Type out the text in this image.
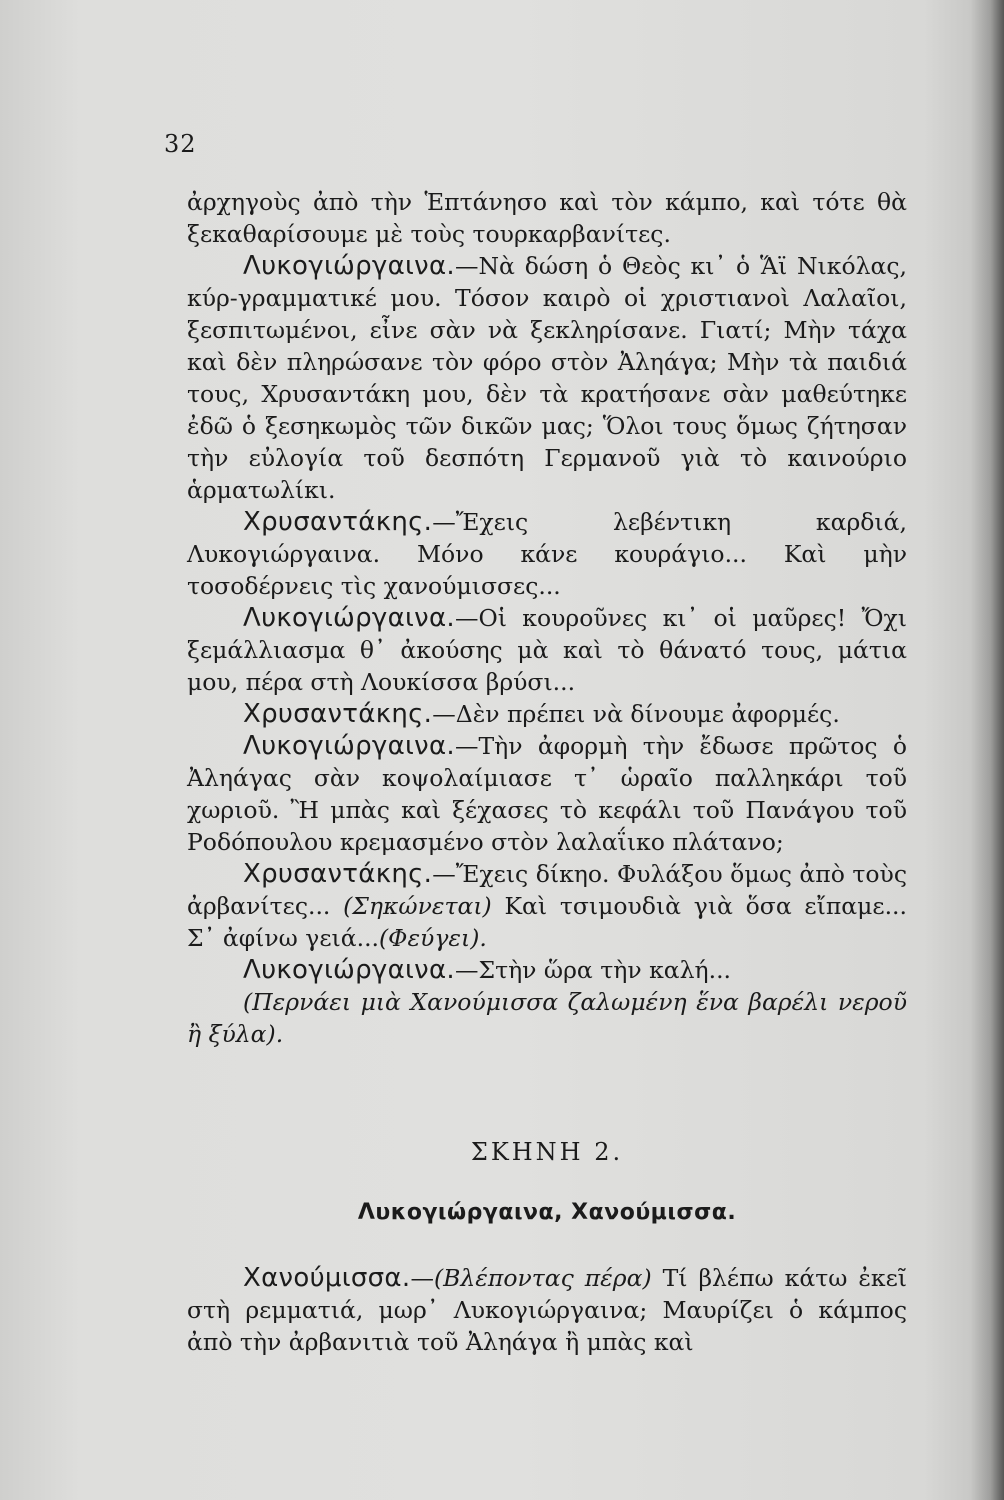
32

ἀρχηγοὺς ἀπὸ τὴν Ἑπτάνησο καὶ τὸν κάμπο, καὶ τότε θὰ ξεκαθαρίσουμε μὲ τοὺς τουρκαρβανίτες.

Λυκογιώργαινα.—Νὰ δώση ὁ Θεὸς κι᾽ ὁ Ἅϊ Νικόλας, κύρ-γραμματικέ μου. Τόσον καιρὸ οἱ χριστιανοὶ Λαλαῖοι, ξεσπιτωμένοι, εἶνε σὰν νὰ ξεκληρίσανε. Γιατί; Μὴν τάχα καὶ δὲν πληρώσανε τὸν φόρο στὸν Ἀληάγα; Μὴν τὰ παιδιά τους, Χρυσαντάκη μου, δὲν τὰ κρατήσανε σὰν μαθεύτηκε ἐδῶ ὁ ξεσηκωμὸς τῶν δικῶν μας; Ὅλοι τους ὅμως ζήτησαν τὴν εὐλογία τοῦ δεσπότη Γερμανοῦ γιὰ τὸ καινούριο ἁρματωλίκι.

Χρυσαντάκης.—Ἔχεις λεβέντικη καρδιά, Λυκογιώργαινα. Μόνο κάνε κουράγιο... Καὶ μὴν τοσοδέρνεις τὶς χανούμισσες...

Λυκογιώργαινα.—Οἱ κουροῦνες κι᾽ οἱ μαῦρες! Ὄχι ξεμάλλιασμα θ᾽ ἀκούσης μὰ καὶ τὸ θάνατό τους, μάτια μου, πέρα στὴ Λουκίσσα βρύσι...

Χρυσαντάκης.—Δὲν πρέπει νὰ δίνουμε ἀφορμές.

Λυκογιώργαινα.—Τὴν ἀφορμὴ τὴν ἔδωσε πρῶτος ὁ Ἀληάγας σὰν κοψολαίμιασε τ᾽ ὡραῖο παλληκάρι τοῦ χωριοῦ. Ἢ μπὰς καὶ ξέχασες τὸ κεφάλι τοῦ Πανάγου τοῦ Ροδόπουλου κρεμασμένο στὸν λαλαΐικο πλάτανο;

Χρυσαντάκης.—Ἔχεις δίκηο. Φυλάξου ὅμως ἀπὸ τοὺς ἀρβανίτες... (Σηκώνεται) Καὶ τσιμουδιὰ γιὰ ὅσα εἴπαμε... Σ᾽ ἀφίνω γειά...(Φεύγει).

Λυκογιώργαινα.—Στὴν ὥρα τὴν καλή...

(Περνάει μιὰ Χανούμισσα ζαλωμένη ἕνα βαρέλι νεροῦ ἢ ξύλα).

ΣΚΗΝΗ 2.
Λυκογιώργαινα, Χανούμισσα.

Χανούμισσα.—(Βλέποντας πέρα) Τί βλέπω κάτω ἐκεῖ στὴ ρεμματιά, μωρ᾽ Λυκογιώργαινα; Μαυρίζει ὁ κάμπος ἀπὸ τὴν ἀρβανιτιὰ τοῦ Ἀληάγα ἢ μπὰς καὶ
